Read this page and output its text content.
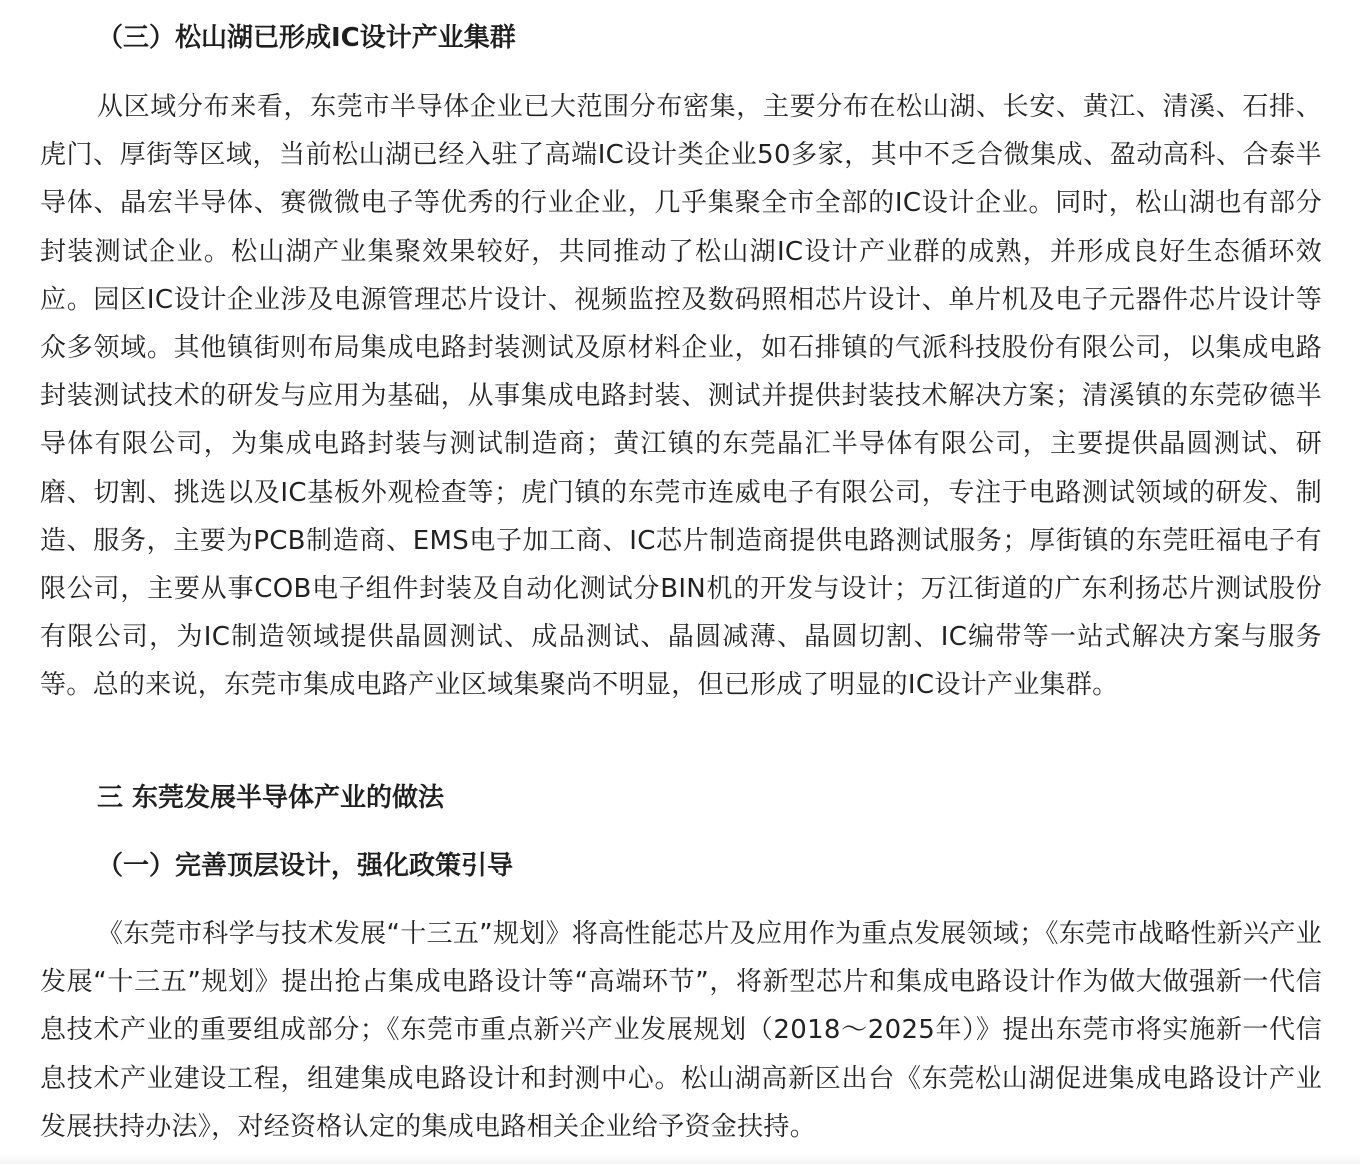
（三）松山湖已形成IC设计产业集群

从区域分布来看，东莞市半导体企业已大范围分布密集，主要分布在松山湖、长安、黄江、清溪、石排、虎门、厚街等区域，当前松山湖已经入驻了高端IC设计类企业50多家，其中不乏合微集成、盈动高科、合泰半导体、晶宏半导体、赛微微电子等优秀的行业企业，几乎集聚全市全部的IC设计企业。同时，松山湖也有部分封装测试企业。松山湖产业集聚效果较好，共同推动了松山湖IC设计产业群的成熟，并形成良好生态循环效应。园区IC设计企业涉及电源管理芯片设计、视频监控及数码照相芯片设计、单片机及电子元器件芯片设计等众多领域。其他镇街则布局集成电路封装测试及原材料企业，如石排镇的气派科技股份有限公司，以集成电路封装测试技术的研发与应用为基础，从事集成电路封装、测试并提供封装技术解决方案；清溪镇的东莞矽德半导体有限公司，为集成电路封装与测试制造商；黄江镇的东莞晶汇半导体有限公司，主要提供晶圆测试、研磨、切割、挑选以及IC基板外观检查等；虎门镇的东莞市连威电子有限公司，专注于电路测试领域的研发、制造、服务，主要为PCB制造商、EMS电子加工商、IC芯片制造商提供电路测试服务；厚街镇的东莞旺福电子有限公司，主要从事COB电子组件封装及自动化测试分BIN机的开发与设计；万江街道的广东利扬芯片测试股份有限公司，为IC制造领域提供晶圆测试、成品测试、晶圆减薄、晶圆切割、IC编带等一站式解决方案与服务等。总的来说，东莞市集成电路产业区域集聚尚不明显，但已形成了明显的IC设计产业集群。

三 东莞发展半导体产业的做法
（一）完善顶层设计，强化政策引导

《东莞市科学与技术发展“十三五”规划》将高性能芯片及应用作为重点发展领域；《东莞市战略性新兴产业发展“十三五”规划》提出抢占集成电路设计等“高端环节”，将新型芯片和集成电路设计作为做大做强新一代信息技术产业的重要组成部分；《东莞市重点新兴产业发展规划（2018～2025年）》提出东莞市将实施新一代信息技术产业建设工程，组建集成电路设计和封测中心。松山湖高新区出台《东莞松山湖促进集成电路设计产业发展扶持办法》，对经资格认定的集成电路相关企业给予资金扶持。
